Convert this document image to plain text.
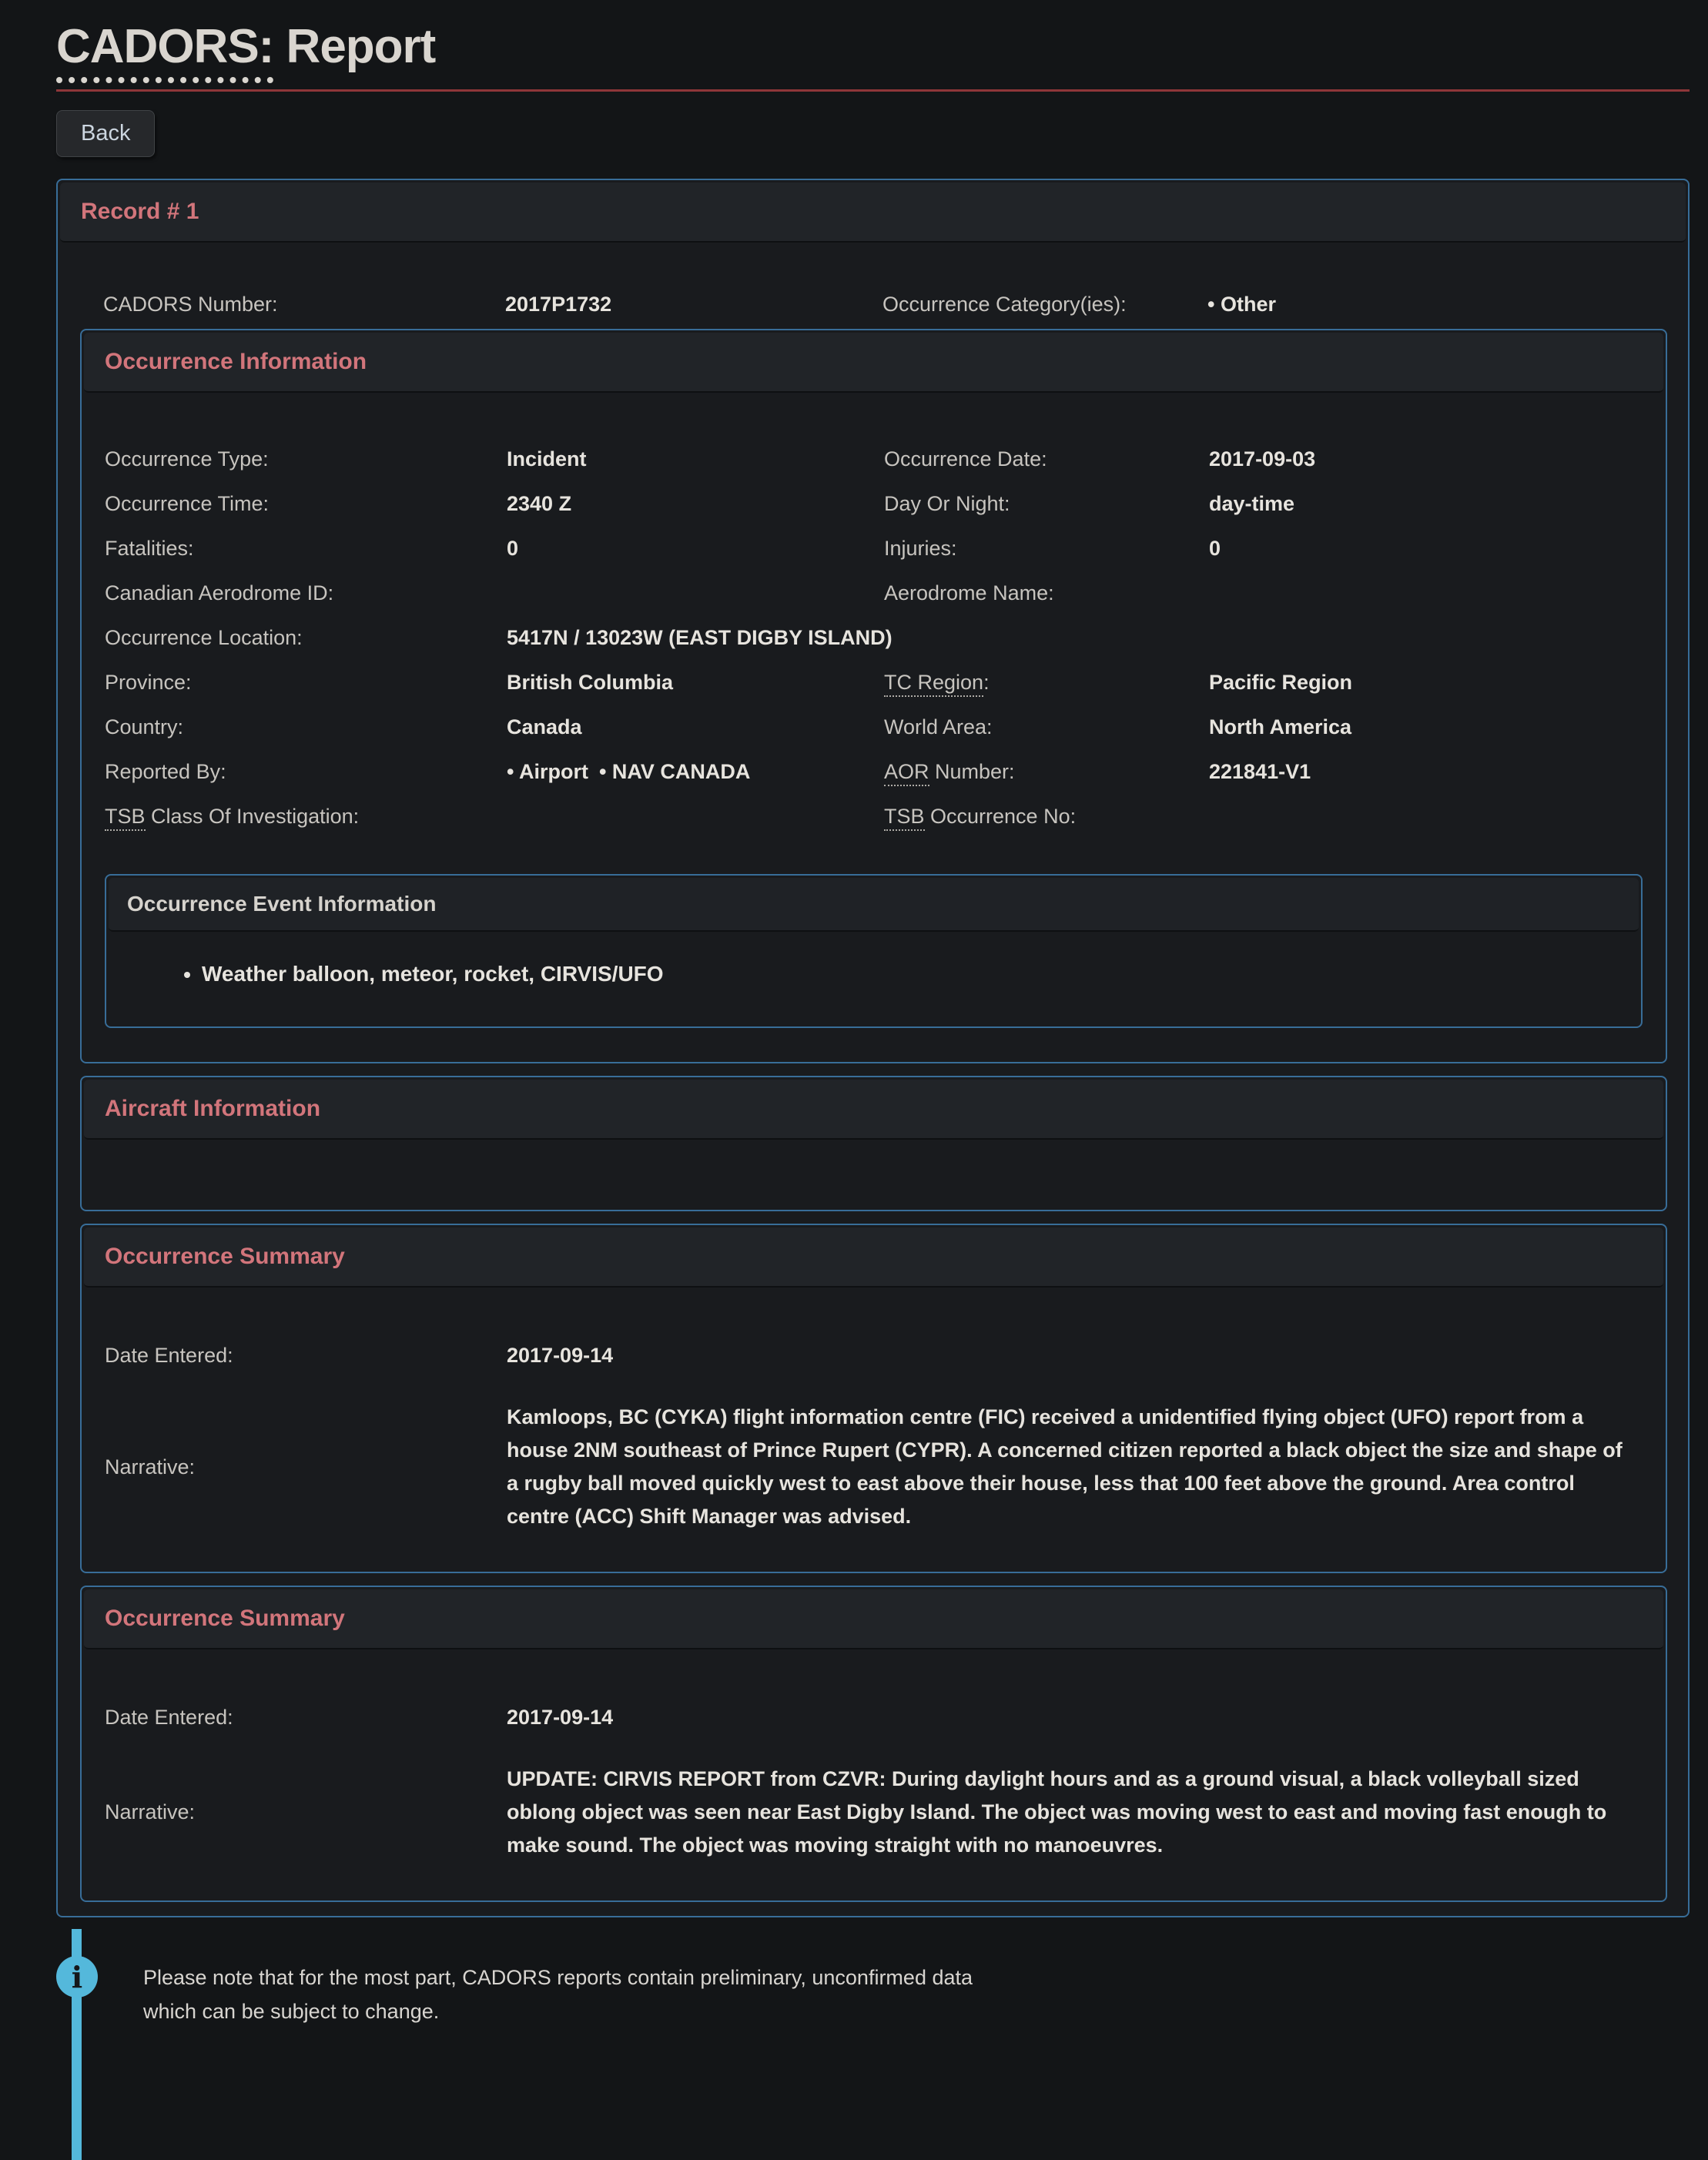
CADORS: Report
Back
Record # 1
CADORS Number:	2017P1732	Occurrence Category(ies):	• Other
Occurrence Information
Occurrence Type:	Incident	Occurrence Date:	2017-09-03
Occurrence Time:	2340 Z	Day Or Night:	day-time
Fatalities:	0	Injuries:	0
Canadian Aerodrome ID:	Aerodrome Name:
Occurrence Location:	5417N / 13023W (EAST DIGBY ISLAND)
Province:	British Columbia	TC Region:	Pacific Region
Country:	Canada	World Area:	North America
Reported By:	• Airport • NAV CANADA	AOR Number:	221841-V1
TSB Class Of Investigation:	TSB Occurrence No:
Occurrence Event Information
• Weather balloon, meteor, rocket, CIRVIS/UFO
Aircraft Information
Occurrence Summary
Date Entered:	2017-09-14
Narrative:
Kamloops, BC (CYKA) flight information centre (FIC) received a unidentified flying object (UFO) report from a house 2NM southeast of Prince Rupert (CYPR). A concerned citizen reported a black object the size and shape of a rugby ball moved quickly west to east above their house, less that 100 feet above the ground. Area control centre (ACC) Shift Manager was advised.
Occurrence Summary
Date Entered:	2017-09-14
Narrative:
UPDATE: CIRVIS REPORT from CZVR: During daylight hours and as a ground visual, a black volleyball sized oblong object was seen near East Digby Island. The object was moving west to east and moving fast enough to make sound. The object was moving straight with no manoeuvres.
i	Please note that for the most part, CADORS reports contain preliminary, unconfirmed data
which can be subject to change.
